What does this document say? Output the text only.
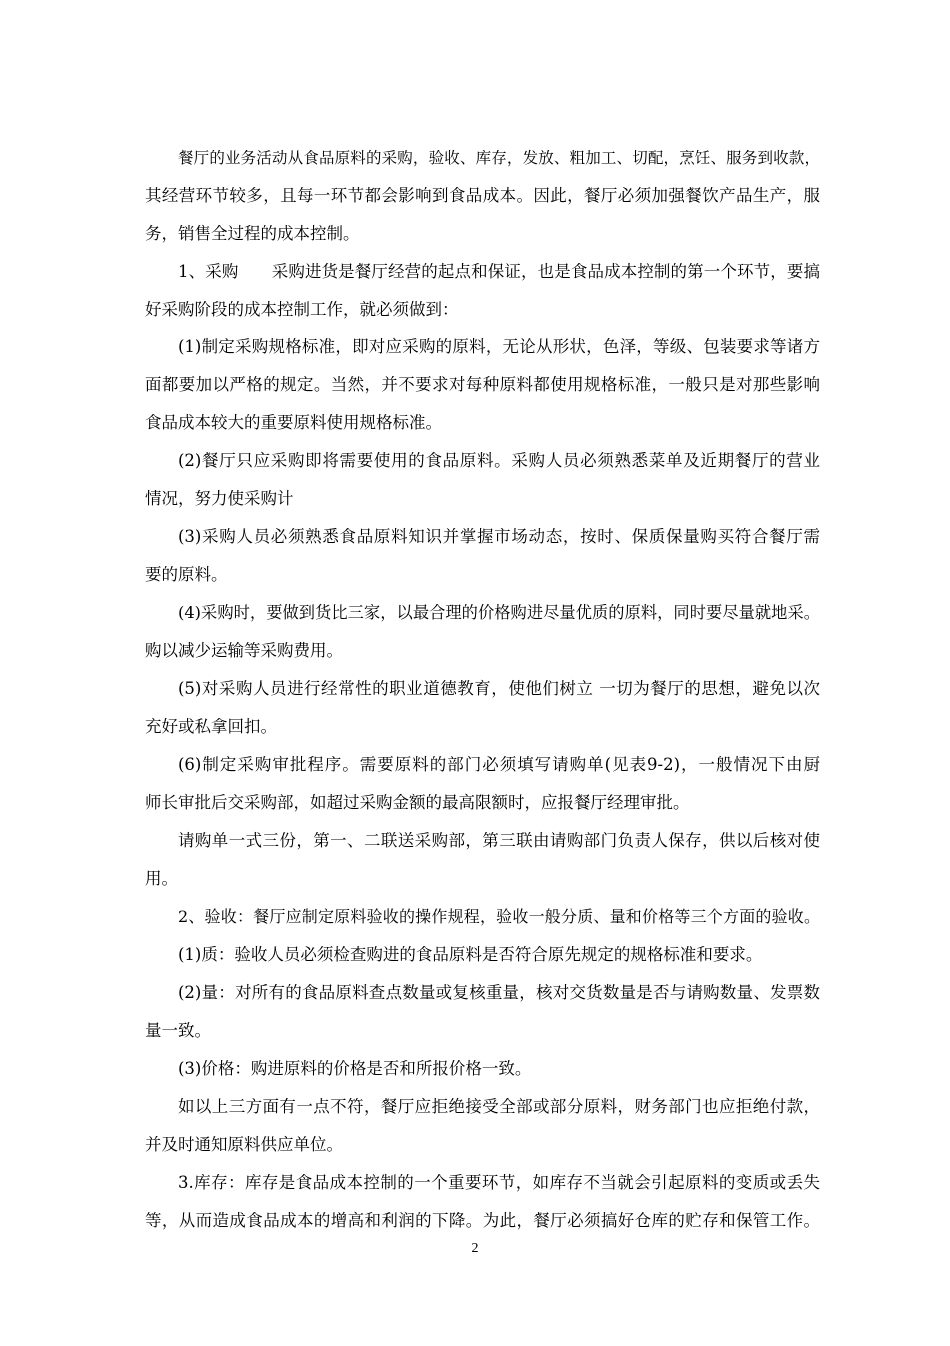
餐厅的业务活动从食品原料的采购，验收、库存，发放、粗加工、切配，烹饪、服务到收款，
其经营环节较多，且每一环节都会影响到食品成本。因此，餐厅必须加强餐饮产品生产，服
务，销售全过程的成本控制。
1、采购　　采购进货是餐厅经营的起点和保证，也是食品成本控制的第一个环节，要搞
好采购阶段的成本控制工作，就必须做到：
(1)制定采购规格标准，即对应采购的原料，无论从形状，色泽，等级、包装要求等诸方
面都要加以严格的规定。当然，并不要求对每种原料都使用规格标准，一般只是对那些影响
食品成本较大的重要原料使用规格标准。
(2)餐厅只应采购即将需要使用的食品原料。采购人员必须熟悉菜单及近期餐厅的营业
情况，努力使采购计
(3)采购人员必须熟悉食品原料知识并掌握市场动态，按时、保质保量购买符合餐厅需
要的原料。
(4)采购时，要做到货比三家，以最合理的价格购进尽量优质的原料，同时要尽量就地采。
购以减少运输等采购费用。
(5)对采购人员进行经常性的职业道德教育，使他们树立 一切为餐厅的思想，避免以次
充好或私拿回扣。
(6)制定采购审批程序。需要原料的部门必须填写请购单(见表9-2)，一般情况下由厨
师长审批后交采购部，如超过采购金额的最高限额时，应报餐厅经理审批。
请购单一式三份，第一、二联送采购部，第三联由请购部门负责人保存，供以后核对使
用。
2、验收：餐厅应制定原料验收的操作规程，验收一般分质、量和价格等三个方面的验收。
(1)质：验收人员必须检查购进的食品原料是否符合原先规定的规格标准和要求。
(2)量：对所有的食品原料查点数量或复核重量，核对交货数量是否与请购数量、发票数
量一致。
(3)价格：购进原料的价格是否和所报价格一致。
如以上三方面有一点不符，餐厅应拒绝接受全部或部分原料，财务部门也应拒绝付款，
并及时通知原料供应单位。
3.库存：库存是食品成本控制的一个重要环节，如库存不当就会引起原料的变质或丢失
等，从而造成食品成本的增高和利润的下降。为此，餐厅必须搞好仓库的贮存和保管工作。
2
